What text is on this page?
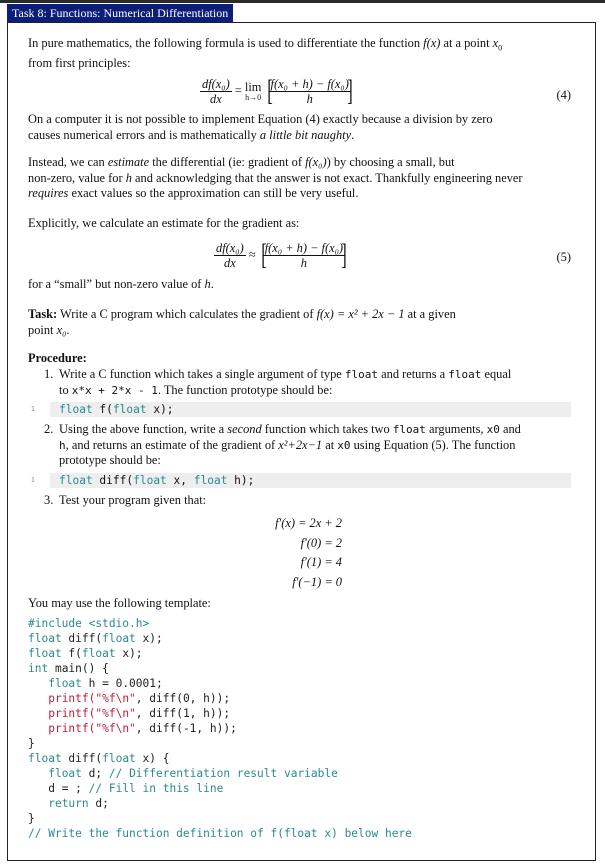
Task 8: Functions: Numerical Differentiation

In pure mathematics, the following formula is used to differentiate the function f(x) at a point $x_0$

from first principles:

$\frac{\text{df(x₀)}}{dx} = \lim$
h→0 [
$\frac{\text{f(x₀ + h) − f(x₀)}}{h}$
]	(4)

On a computer it is not possible to implement Equation (4) exactly because a division by zero

causes numerical errors and is mathematically a little bit naughty.

Instead, we can estimate the differential (ie: gradient of f(x₀)) by choosing a small, but

non-zero, value for h and acknowledging that the answer is not exact. Thankfully engineering never

requires exact values so the approximation can still be very useful.

Explicitly, we calculate an estimate for the gradient as:

$\frac{\text{df(x₀)}}{dx}$ ≈ [
$\frac{\text{f(x₀ + h) − f(x₀)}}{h}$
]	(5)

for a “small” but non-zero value of h.

Task: Write a C program which calculates the gradient of f(x) = x² + 2x − 1 at a given

point x₀.

Procedure:

1. Write a C function which takes a single argument of type float and returns a float equal

to x*x + 2*x - 1. The function prototype should be:

1 float f(float x);
2. Using the above function, write a second function which takes two float arguments, x0 and

h, and returns an estimate of the gradient of x²+2x−1 at x0 using Equation (5). The function

prototype should be:

1 float diff(float x, float h);
3. Test your program given that:

f′(x) = 2x + 2
f′(0) = 2
f′(1) = 4
f′(−1) = 0

You may use the following template:

#include <stdio.h>
float diff(float x);
float f(float x);
int main() {
float h = 0.0001;
printf("%f\n", diff(0, h));
printf("%f\n", diff(1, h));
printf("%f\n", diff(-1, h));
}
float diff(float x) {
float d; // Differentiation result variable
d = ; // Fill in this line
return d;
}
// Write the function definition of f(float x) below here
